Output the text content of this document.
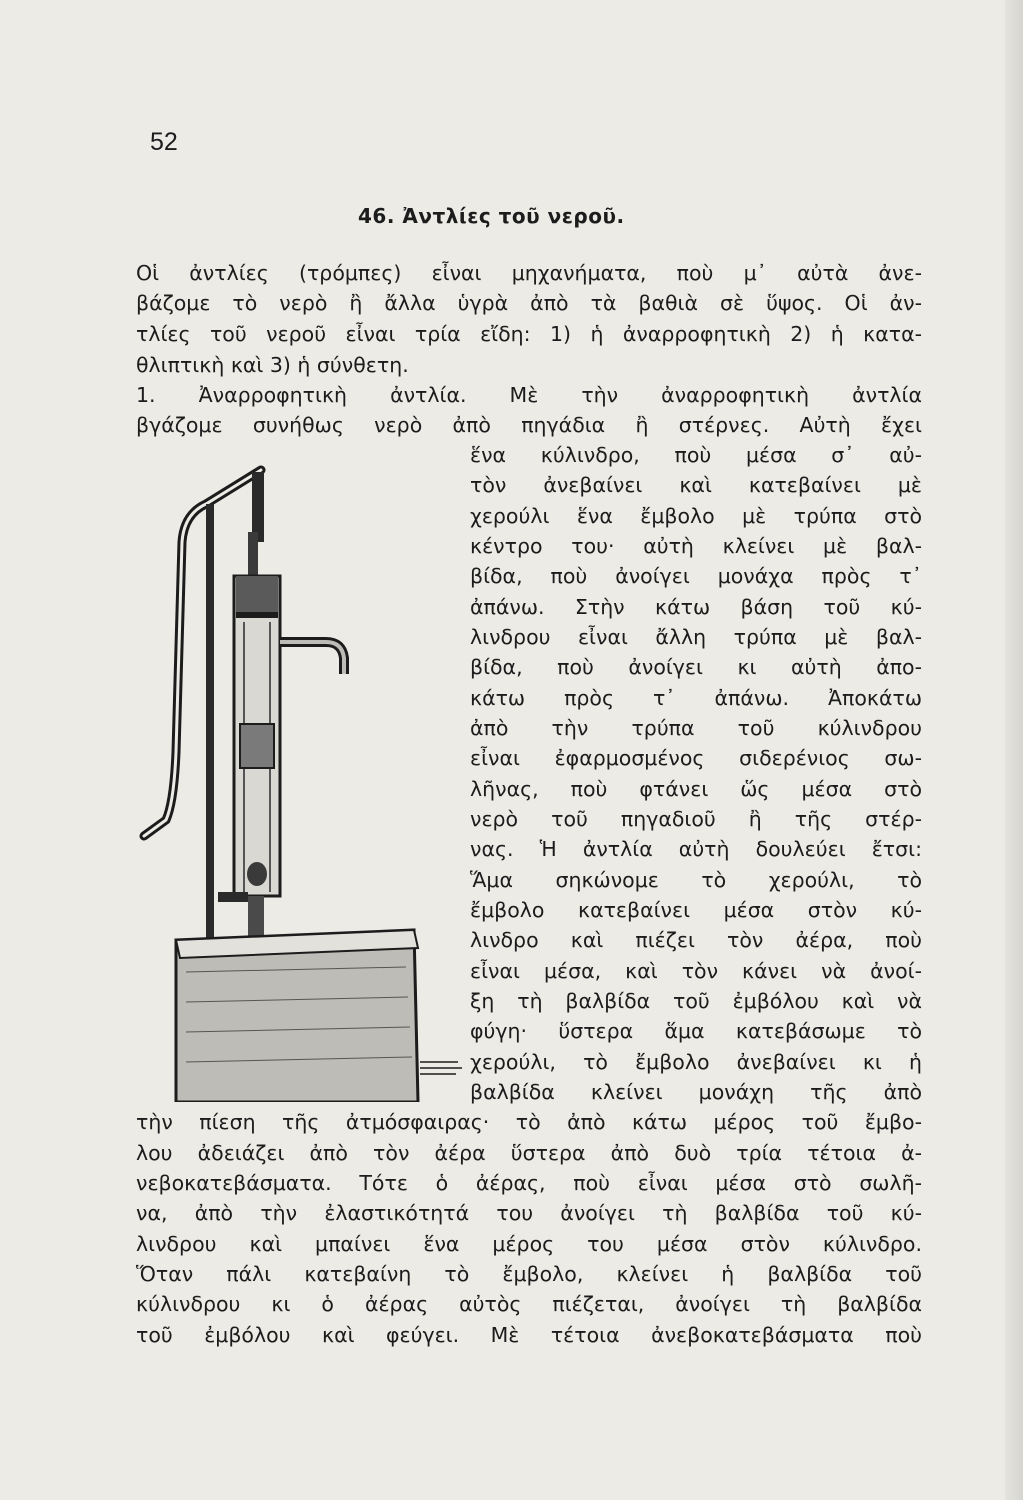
52
46. Ἀντλίες τοῦ νεροῦ.
Οἱ ἀντλίες (τρόμπες) εἶναι μηχανήματα, ποὺ μ᾽ αὐτὰ ἀνε-
βάζομε τὸ νερὸ ἢ ἄλλα ὑγρὰ ἀπὸ τὰ βαθιὰ σὲ ὕψος. Οἱ ἀν-
τλίες τοῦ νεροῦ εἶναι τρία εἴδη: 1) ἡ ἀναρροφητικὴ 2) ἡ κατα-
θλιπτικὴ καὶ 3) ἡ σύνθετη.
1. Ἀναρροφητικὴ ἀντλία. Μὲ τὴν ἀναρροφητικὴ ἀντλία
βγάζομε συνήθως νερὸ ἀπὸ πηγάδια ἢ στέρνες. Αὐτὴ ἔχει
ἕνα κύλινδρο, ποὺ μέσα σ᾽ αὐ-
τὸν ἀνεβαίνει καὶ κατεβαίνει μὲ
χερούλι ἕνα ἔμβολο μὲ τρύπα στὸ
κέντρο του· αὐτὴ κλείνει μὲ βαλ-
βίδα, ποὺ ἀνοίγει μονάχα πρὸς τ᾽
ἀπάνω. Στὴν κάτω βάση τοῦ κύ-
λινδρου εἶναι ἄλλη τρύπα μὲ βαλ-
βίδα, ποὺ ἀνοίγει κι αὐτὴ ἀπο-
κάτω πρὸς τ᾽ ἀπάνω. Ἀποκάτω
ἀπὸ τὴν τρύπα τοῦ κύλινδρου
εἶναι ἐφαρμοσμένος σιδερένιος σω-
λῆνας, ποὺ φτάνει ὥς μέσα στὸ
νερὸ τοῦ πηγαδιοῦ ἢ τῆς στέρ-
νας. Ἡ ἀντλία αὐτὴ δουλεύει ἔτσι:
Ἅμα σηκώνομε τὸ χερούλι, τὸ
ἔμβολο κατεβαίνει μέσα στὸν κύ-
λινδρο καὶ πιέζει τὸν ἀέρα, ποὺ
εἶναι μέσα, καὶ τὸν κάνει νὰ ἀνοί-
ξη τὴ βαλβίδα τοῦ ἐμβόλου καὶ νὰ
φύγη· ὕστερα ἅμα κατεβάσωμε τὸ
χερούλι, τὸ ἔμβολο ἀνεβαίνει κι ἡ
βαλβίδα κλείνει μονάχη τῆς ἀπὸ
τὴν πίεση τῆς ἀτμόσφαιρας· τὸ ἀπὸ κάτω μέρος τοῦ ἔμβο-
λου ἀδειάζει ἀπὸ τὸν ἀέρα ὕστερα ἀπὸ δυὸ τρία τέτοια ἀ-
νεβοκατεβάσματα. Τότε ὁ ἀέρας, ποὺ εἶναι μέσα στὸ σωλῆ-
να, ἀπὸ τὴν ἐλαστικότητά του ἀνοίγει τὴ βαλβίδα τοῦ κύ-
λινδρου καὶ μπαίνει ἕνα μέρος του μέσα στὸν κύλινδρο.
Ὅταν πάλι κατεβαίνη τὸ ἔμβολο, κλείνει ἡ βαλβίδα τοῦ
κύλινδρου κι ὁ ἀέρας αὐτὸς πιέζεται, ἀνοίγει τὴ βαλβίδα
τοῦ ἐμβόλου καὶ φεύγει. Μὲ τέτοια ἀνεβοκατεβάσματα ποὺ
